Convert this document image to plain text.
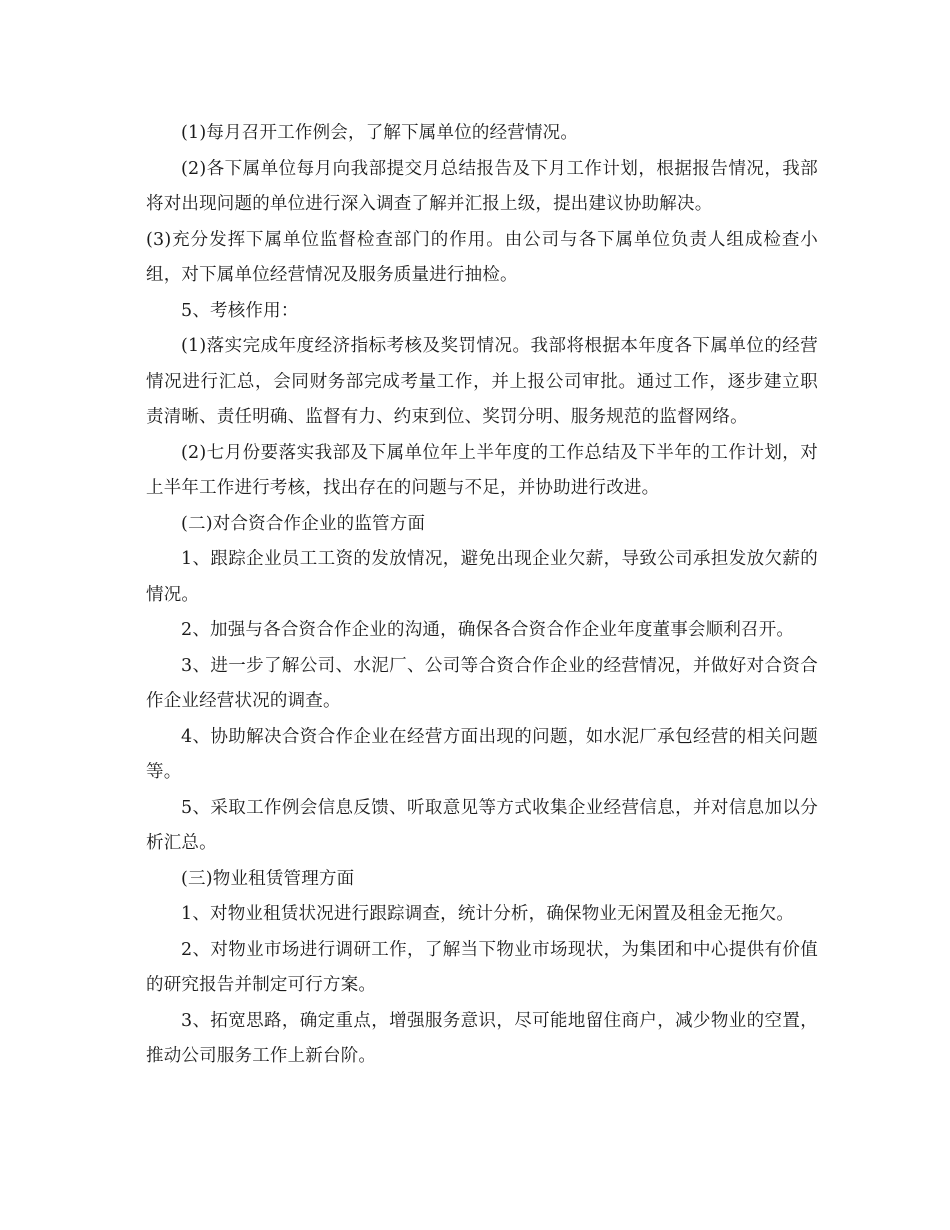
(1)每月召开工作例会，了解下属单位的经营情况。

(2)各下属单位每月向我部提交月总结报告及下月工作计划，根据报告情况，我部将对出现问题的单位进行深入调查了解并汇报上级，提出建议协助解决。

(3)充分发挥下属单位监督检查部门的作用。由公司与各下属单位负责人组成检查小组，对下属单位经营情况及服务质量进行抽检。

5、考核作用：

(1)落实完成年度经济指标考核及奖罚情况。我部将根据本年度各下属单位的经营情况进行汇总，会同财务部完成考量工作，并上报公司审批。通过工作，逐步建立职责清晰、责任明确、监督有力、约束到位、奖罚分明、服务规范的监督网络。

(2)七月份要落实我部及下属单位年上半年度的工作总结及下半年的工作计划，对上半年工作进行考核，找出存在的问题与不足，并协助进行改进。

(二)对合资合作企业的监管方面

1、跟踪企业员工工资的发放情况，避免出现企业欠薪，导致公司承担发放欠薪的情况。

2、加强与各合资合作企业的沟通，确保各合资合作企业年度董事会顺利召开。

3、进一步了解公司、水泥厂、公司等合资合作企业的经营情况，并做好对合资合作企业经营状况的调查。

4、协助解决合资合作企业在经营方面出现的问题，如水泥厂承包经营的相关问题等。

5、采取工作例会信息反馈、听取意见等方式收集企业经营信息，并对信息加以分析汇总。

(三)物业租赁管理方面

1、对物业租赁状况进行跟踪调查，统计分析，确保物业无闲置及租金无拖欠。

2、对物业市场进行调研工作，了解当下物业市场现状，为集团和中心提供有价值的研究报告并制定可行方案。

3、拓宽思路，确定重点，增强服务意识，尽可能地留住商户，减少物业的空置，推动公司服务工作上新台阶。
